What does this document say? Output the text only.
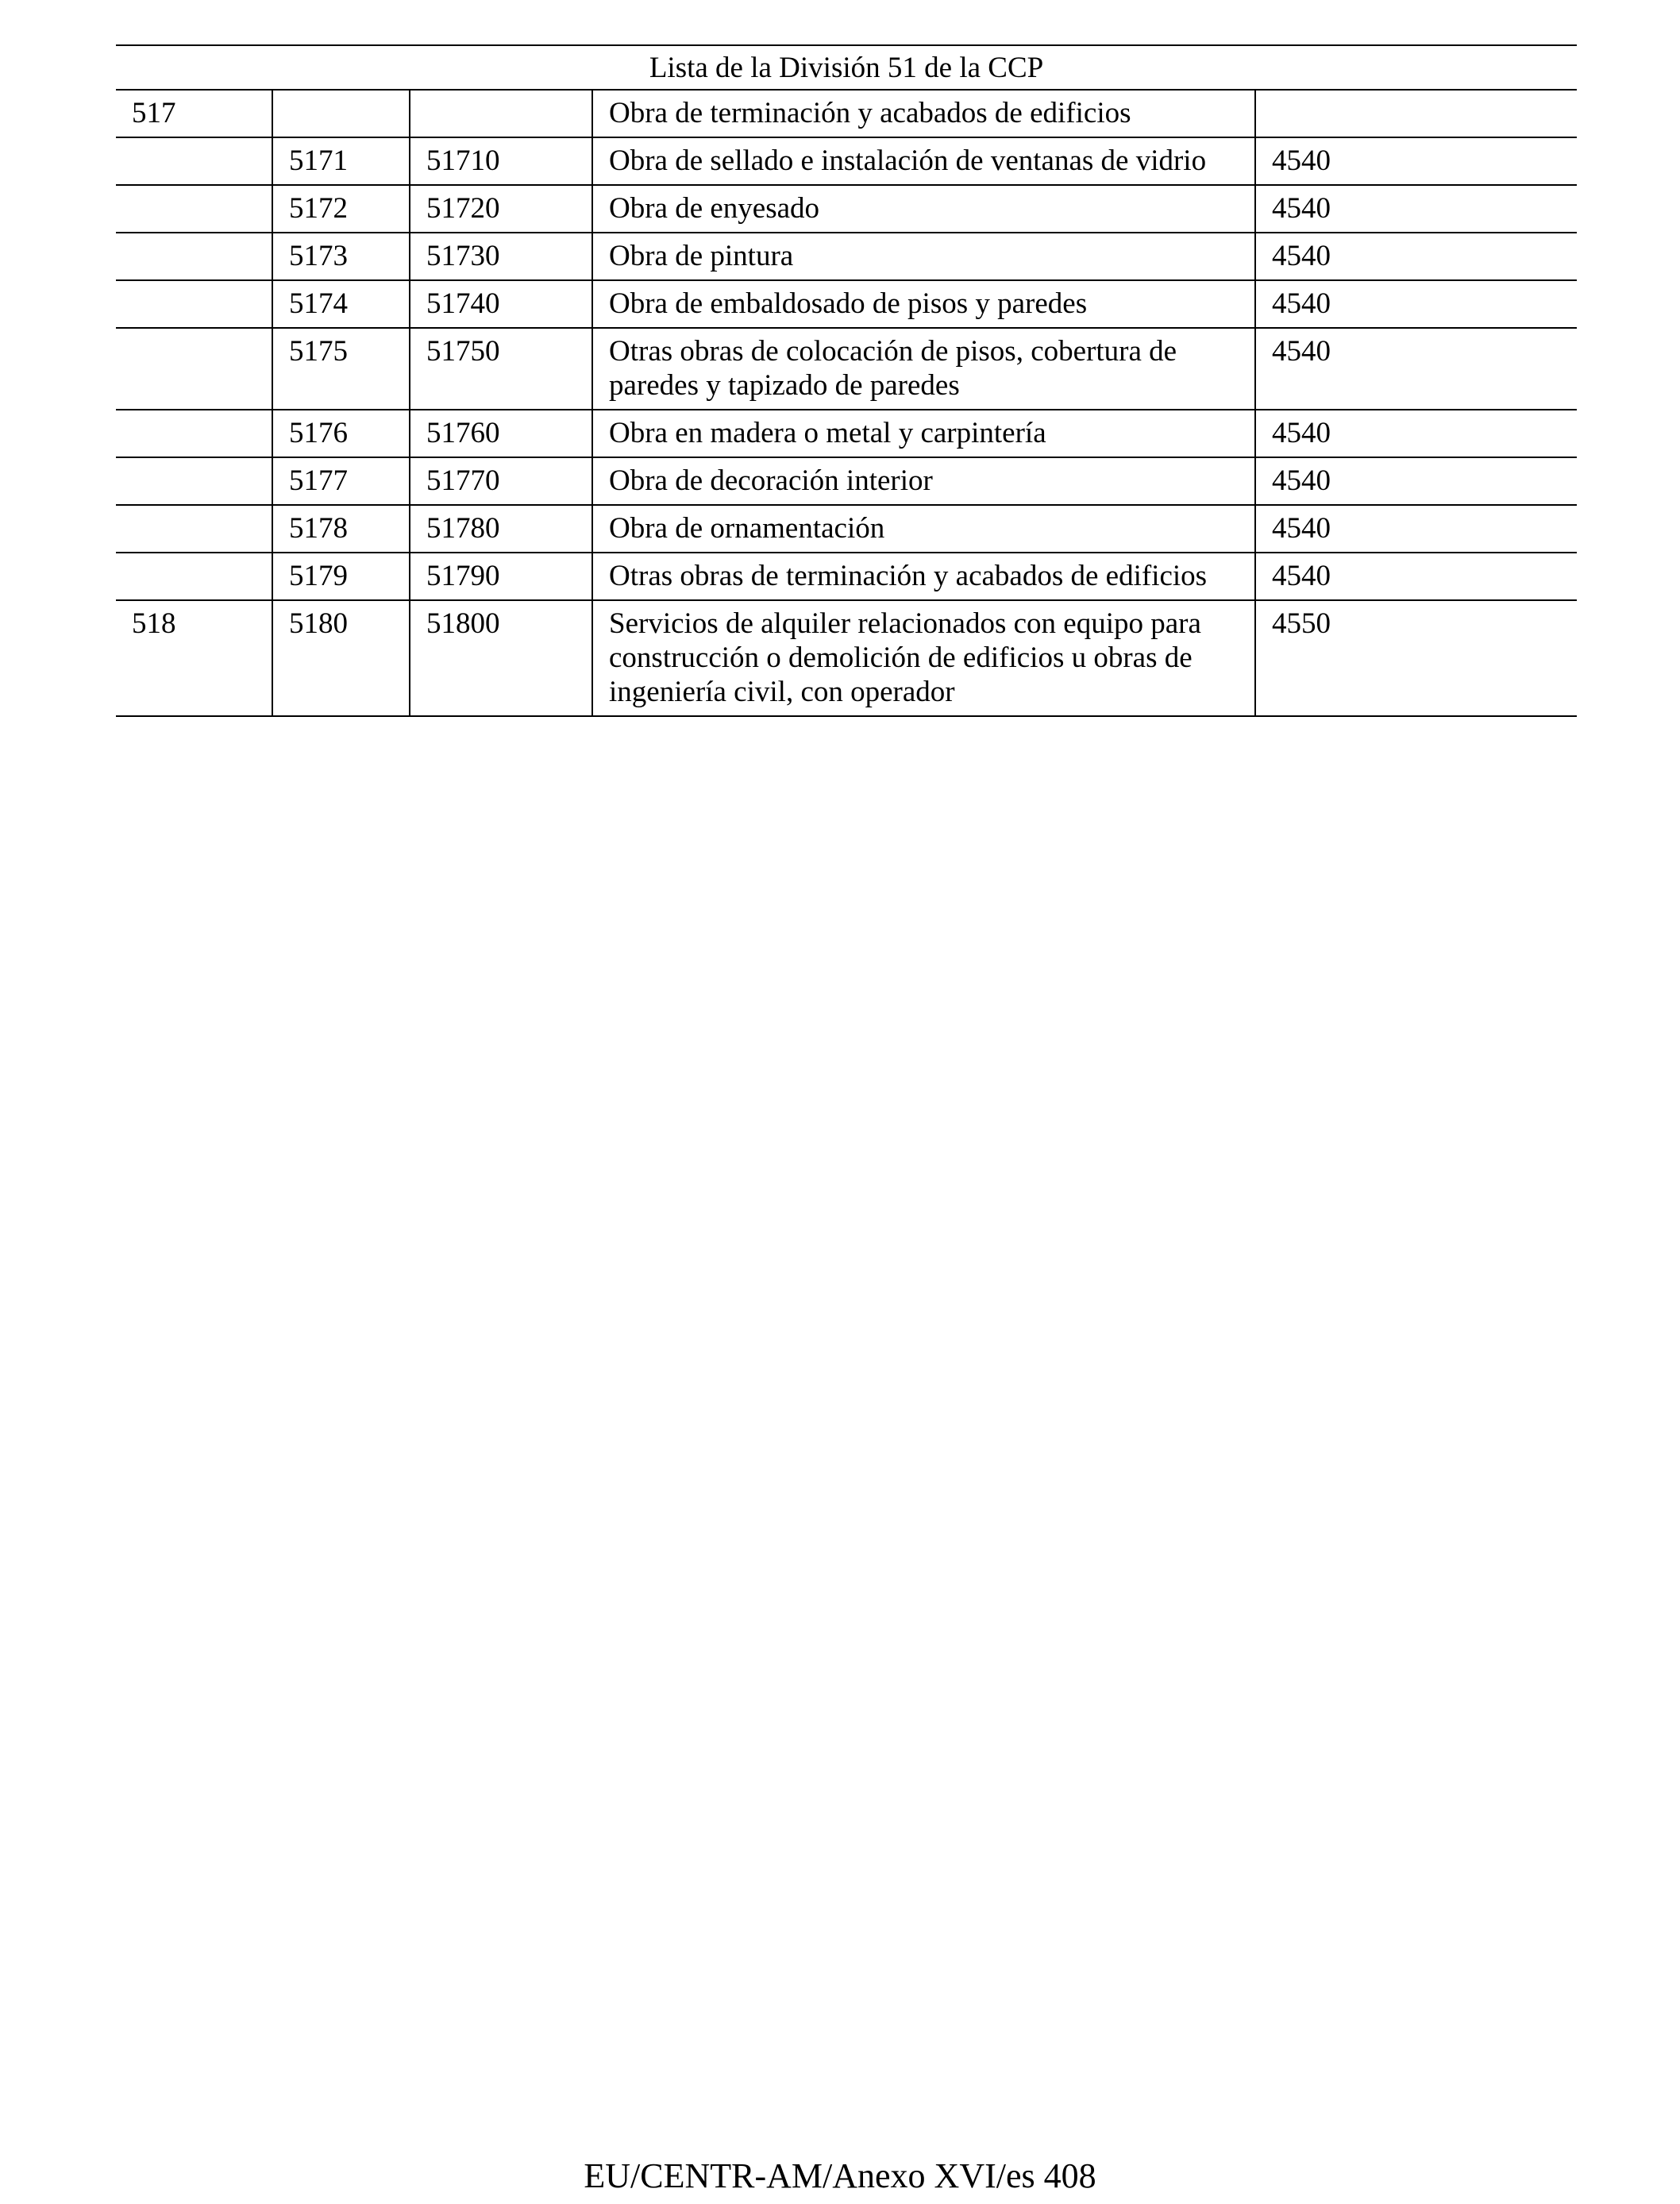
Lista de la División 51 de la CCP				
517			Obra de terminación y acabados de edificios	
	5171	51710	Obra de sellado e instalación de ventanas de vidrio	4540
	5172	51720	Obra de enyesado	4540
	5173	51730	Obra de pintura	4540
	5174	51740	Obra de embaldosado de pisos y paredes	4540
	5175	51750	Otras obras de colocación de pisos, cobertura de paredes y tapizado de paredes	4540
	5176	51760	Obra en madera o metal y carpintería	4540
	5177	51770	Obra de decoración interior	4540
	5178	51780	Obra de ornamentación	4540
	5179	51790	Otras obras de terminación y acabados de edificios	4540
518	5180	51800	Servicios de alquiler relacionados con equipo para construcción o demolición de edificios u obras de ingeniería civil, con operador	4550
EU/CENTR-AM/Anexo XVI/es 408
